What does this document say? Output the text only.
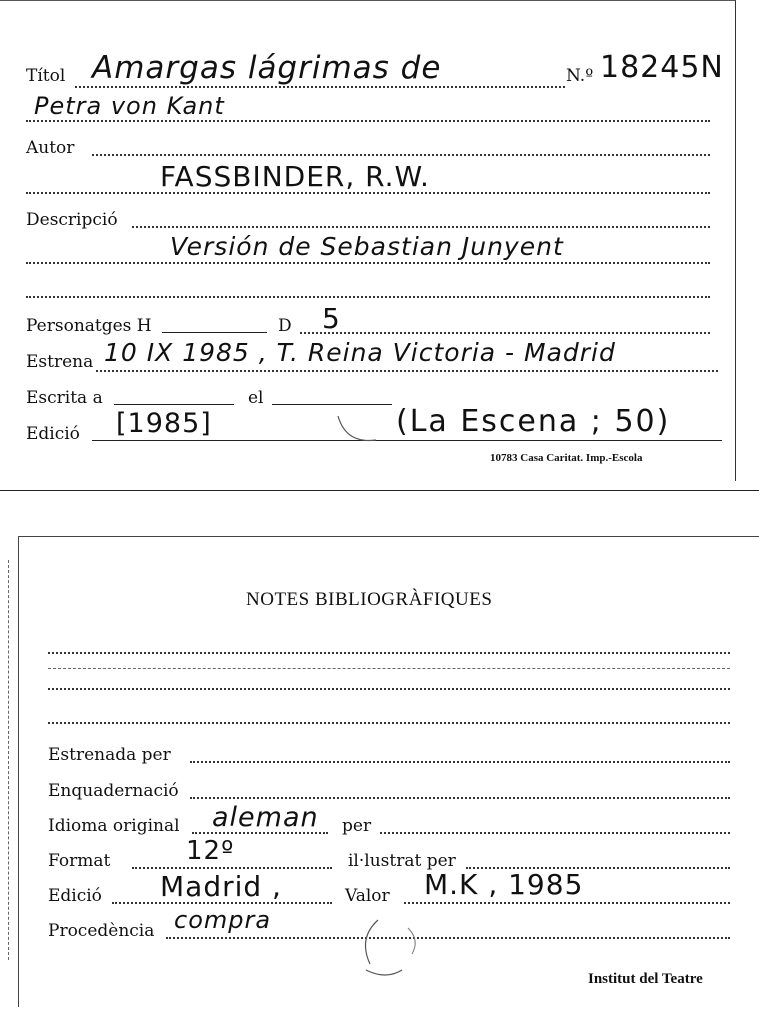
Títol Amargas lágrimas de	N.º 18245N
Petra von Kant
Autor
FASSBINDER, R.W.
Descripció
Versión de Sebastian Junyent
Personatges H	D 5
Estrena 10 IX 1985 , T. Reina Victoria - Madrid
Escrita a	el
Edició [1985]	(La Escena ; 50)
10783 Casa Caritat. Imp.-Escola
NOTES BIBLIOGRÀFIQUES
Estrenada per
Enquadernació
Idioma original aleman per
Format	12º	il·lustrat per
Edició Madrid ,	Valor M.K , 1985
Procedència compra
Institut del Teatre
